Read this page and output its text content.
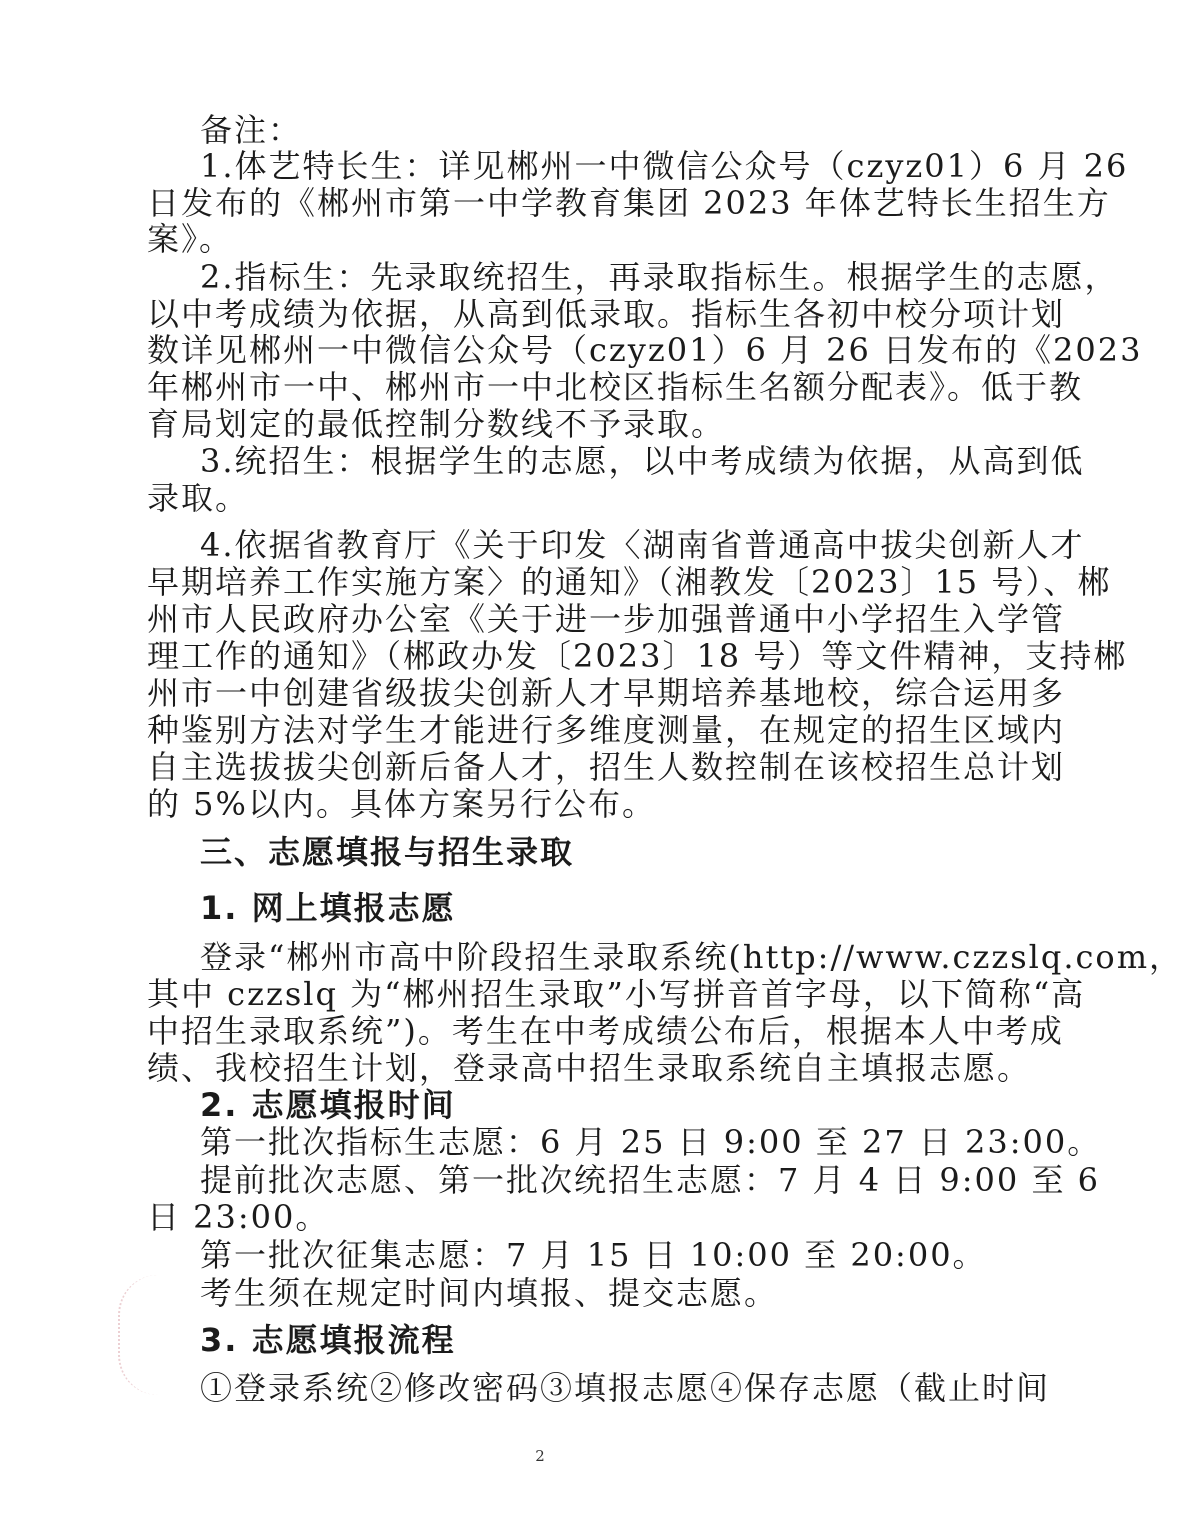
备注：
1.体艺特长生：详见郴州一中微信公众号（czyz01）6 月 26
日发布的《郴州市第一中学教育集团 2023 年体艺特长生招生方
案》。
2.指标生：先录取统招生，再录取指标生。根据学生的志愿，
以中考成绩为依据，从高到低录取。指标生各初中校分项计划
数详见郴州一中微信公众号（czyz01）6 月 26 日发布的《2023
年郴州市一中、郴州市一中北校区指标生名额分配表》。低于教
育局划定的最低控制分数线不予录取。
3.统招生：根据学生的志愿，以中考成绩为依据，从高到低
录取。
4.依据省教育厅《关于印发〈湖南省普通高中拔尖创新人才
早期培养工作实施方案〉的通知》（湘教发〔2023〕15 号）、郴
州市人民政府办公室《关于进一步加强普通中小学招生入学管
理工作的通知》（郴政办发〔2023〕18 号）等文件精神，支持郴
州市一中创建省级拔尖创新人才早期培养基地校，综合运用多
种鉴别方法对学生才能进行多维度测量，在规定的招生区域内
自主选拔拔尖创新后备人才，招生人数控制在该校招生总计划
的 5%以内。具体方案另行公布。
三、志愿填报与招生录取
1. 网上填报志愿
登录“郴州市高中阶段招生录取系统(http://www.czzslq.com，
其中 czzslq 为“郴州招生录取”小写拼音首字母，以下简称“高
中招生录取系统”)。考生在中考成绩公布后，根据本人中考成
绩、我校招生计划，登录高中招生录取系统自主填报志愿。
2. 志愿填报时间
第一批次指标生志愿：6 月 25 日 9:00 至 27 日 23:00。
提前批次志愿、第一批次统招生志愿：7 月 4 日 9:00 至 6
日 23:00。
第一批次征集志愿：7 月 15 日 10:00 至 20:00。
考生须在规定时间内填报、提交志愿。
3. 志愿填报流程
①登录系统②修改密码③填报志愿④保存志愿（截止时间
2
